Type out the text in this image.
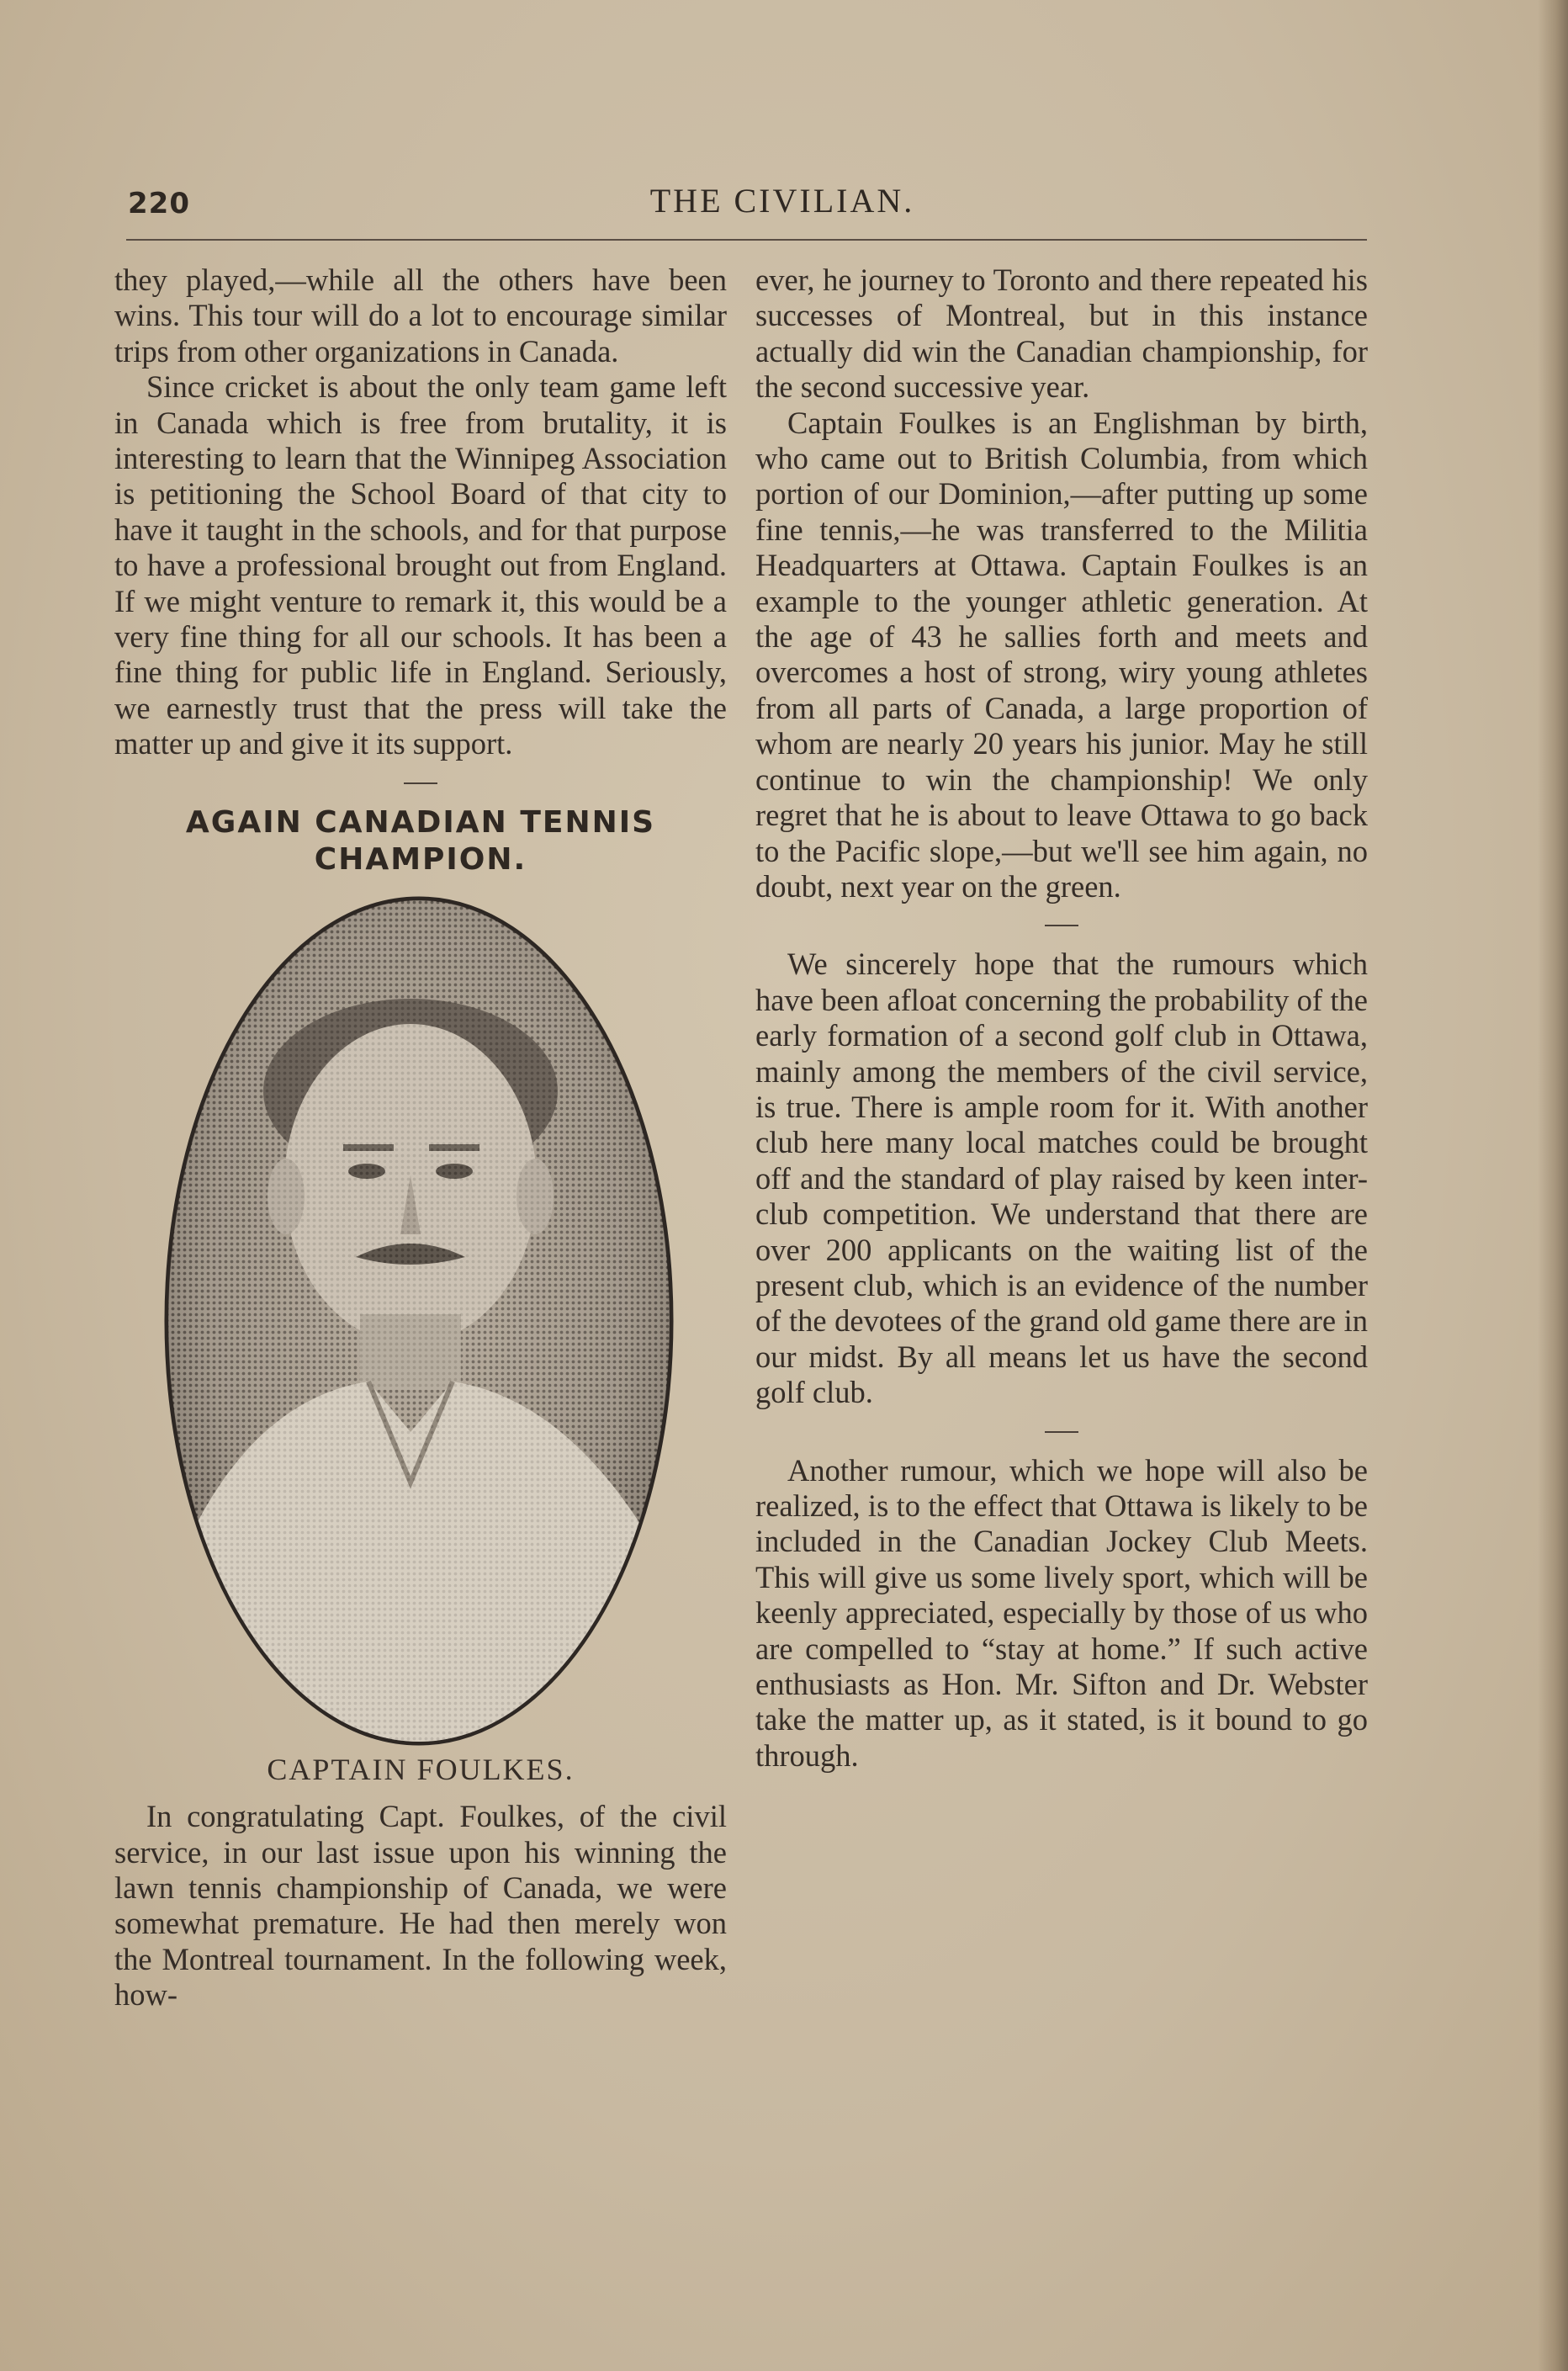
220	THE CIVILIAN.

they played,—while all the others have been wins. This tour will do a lot to encourage similar trips from other organizations in Canada.

Since cricket is about the only team game left in Canada which is free from brutality, it is interesting to learn that the Winnipeg Association is petitioning the School Board of that city to have it taught in the schools, and for that purpose to have a professional brought out from England. If we might venture to remark it, this would be a very fine thing for all our schools. It has been a fine thing for public life in England. Seriously, we earnestly trust that the press will take the matter up and give it its support.

AGAIN CANADIAN TENNIS CHAMPION.
CAPTAIN FOULKES.

In congratulating Capt. Foulkes, of the civil service, in our last issue upon his winning the lawn tennis championship of Canada, we were somewhat premature. He had then merely won the Montreal tournament. In the following week, how-

ever, he journey to Toronto and there repeated his successes of Montreal, but in this instance actually did win the Canadian championship, for the second successive year.

Captain Foulkes is an Englishman by birth, who came out to British Columbia, from which portion of our Dominion,—after putting up some fine tennis,—he was transferred to the Militia Headquarters at Ottawa. Captain Foulkes is an example to the younger athletic generation. At the age of 43 he sallies forth and meets and overcomes a host of strong, wiry young athletes from all parts of Canada, a large proportion of whom are nearly 20 years his junior. May he still continue to win the championship! We only regret that he is about to leave Ottawa to go back to the Pacific slope,—but we'll see him again, no doubt, next year on the green.

We sincerely hope that the rumours which have been afloat concerning the probability of the early formation of a second golf club in Ottawa, mainly among the members of the civil service, is true. There is ample room for it. With another club here many local matches could be brought off and the standard of play raised by keen inter-club competition. We understand that there are over 200 applicants on the waiting list of the present club, which is an evidence of the number of the devotees of the grand old game there are in our midst. By all means let us have the second golf club.

Another rumour, which we hope will also be realized, is to the effect that Ottawa is likely to be included in the Canadian Jockey Club Meets. This will give us some lively sport, which will be keenly appreciated, especially by those of us who are compelled to “stay at home.” If such active enthusiasts as Hon. Mr. Sifton and Dr. Webster take the matter up, as it stated, is it bound to go through.
